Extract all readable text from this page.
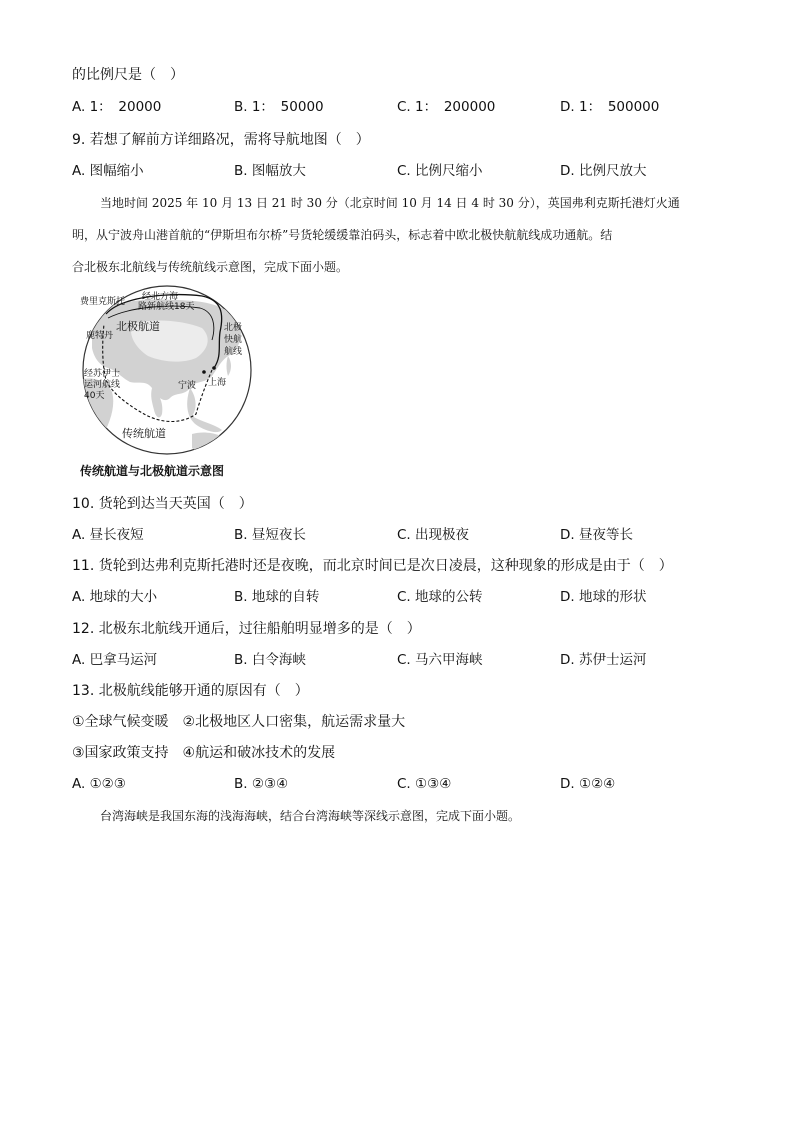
的比例尺是（　）
A. 1：　20000	B. 1：　50000	C. 1：　200000	D. 1：　500000
9. 若想了解前方详细路况，需将导航地图（　）
A. 图幅缩小	B. 图幅放大	C. 比例尺缩小	D. 比例尺放大
当地时间 2025 年 10 月 13 日 21 时 30 分（北京时间 10 月 14 日 4 时 30 分），英国弗利克斯托港灯火通
明，从宁波舟山港首航的“伊斯坦布尔桥”号货轮缓缓靠泊码头，标志着中欧北极快航航线成功通航。结
合北极东北航线与传统航线示意图，完成下面小题。
费里克斯托 经北方海
路新航线18天
北极航道
鹿特丹
北极
快航
航线
经苏伊士
运河航线
40天
宁波 上海
传统航道
传统航道与北极航道示意图
10. 货轮到达当天英国（　）
A. 昼长夜短	B. 昼短夜长	C. 出现极夜	D. 昼夜等长
11. 货轮到达弗利克斯托港时还是夜晚，而北京时间已是次日凌晨，这种现象的形成是由于（　）
A. 地球的大小	B. 地球的自转	C. 地球的公转	D. 地球的形状
12. 北极东北航线开通后，过往船舶明显增多的是（　）
A. 巴拿马运河	B. 白令海峡	C. 马六甲海峡	D. 苏伊士运河
13. 北极航线能够开通的原因有（　）
①全球气候变暖　②北极地区人口密集，航运需求量大
③国家政策支持　④航运和破冰技术的发展
A. ①②③	B. ②③④	C. ①③④	D. ①②④
台湾海峡是我国东海的浅海海峡，结合台湾海峡等深线示意图，完成下面小题。
